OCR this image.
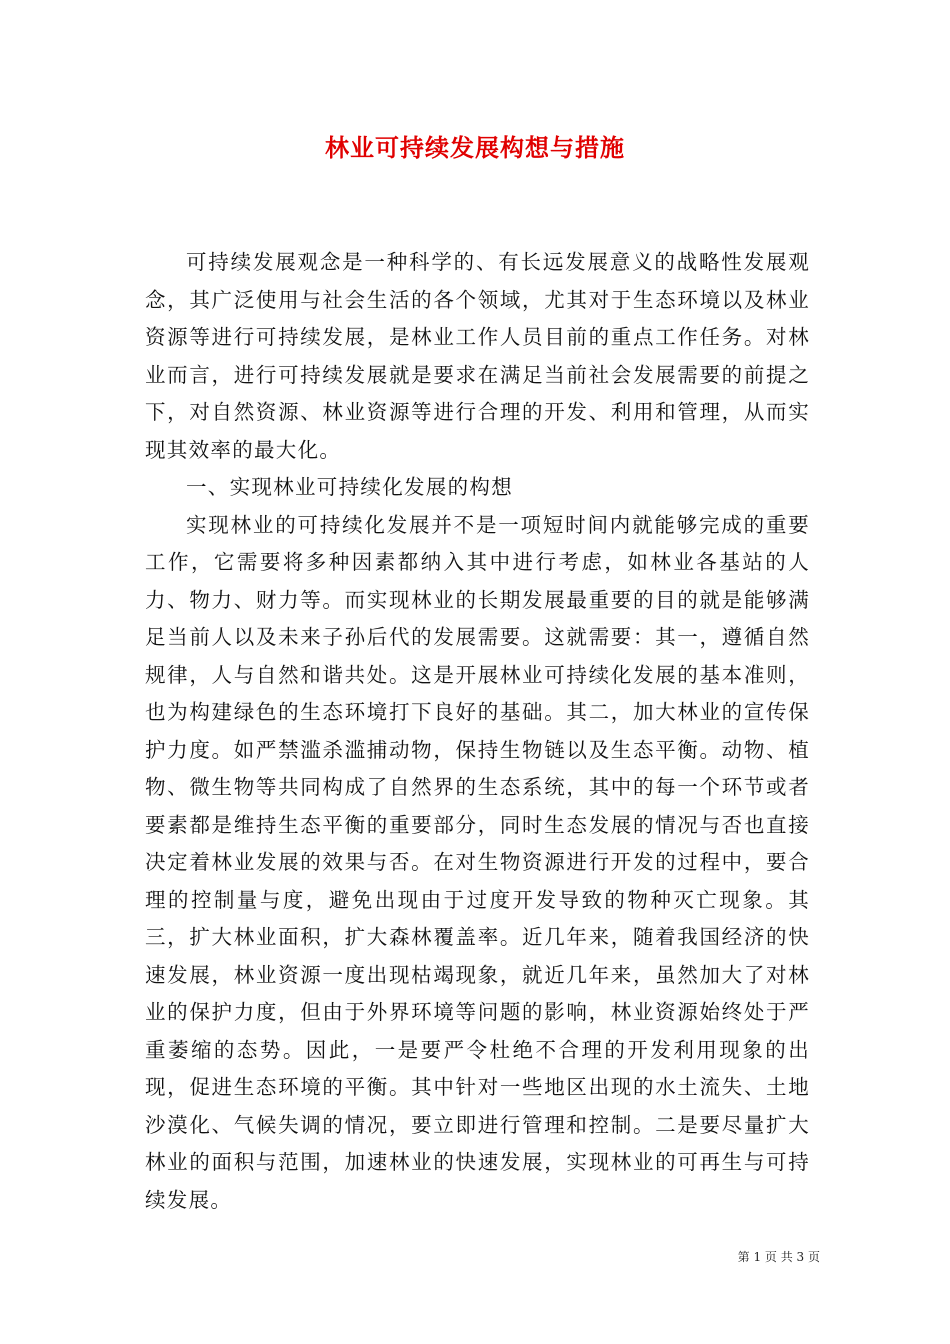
林业可持续发展构想与措施

可持续发展观念是一种科学的、有长远发展意义的战略性发展观念，其广泛使用与社会生活的各个领域，尤其对于生态环境以及林业资源等进行可持续发展，是林业工作人员目前的重点工作任务。对林业而言，进行可持续发展就是要求在满足当前社会发展需要的前提之下，对自然资源、林业资源等进行合理的开发、利用和管理，从而实现其效率的最大化。

一、实现林业可持续化发展的构想

实现林业的可持续化发展并不是一项短时间内就能够完成的重要工作，它需要将多种因素都纳入其中进行考虑，如林业各基站的人力、物力、财力等。而实现林业的长期发展最重要的目的就是能够满足当前人以及未来子孙后代的发展需要。这就需要：其一，遵循自然规律，人与自然和谐共处。这是开展林业可持续化发展的基本准则，也为构建绿色的生态环境打下良好的基础。其二，加大林业的宣传保护力度。如严禁滥杀滥捕动物，保持生物链以及生态平衡。动物、植物、微生物等共同构成了自然界的生态系统，其中的每一个环节或者要素都是维持生态平衡的重要部分，同时生态发展的情况与否也直接决定着林业发展的效果与否。在对生物资源进行开发的过程中，要合理的控制量与度，避免出现由于过度开发导致的物种灭亡现象。其三，扩大林业面积，扩大森林覆盖率。近几年来，随着我国经济的快速发展，林业资源一度出现枯竭现象，就近几年来，虽然加大了对林业的保护力度，但由于外界环境等问题的影响，林业资源始终处于严重萎缩的态势。因此，一是要严令杜绝不合理的开发利用现象的出现，促进生态环境的平衡。其中针对一些地区出现的水土流失、土地沙漠化、气候失调的情况，要立即进行管理和控制。二是要尽量扩大林业的面积与范围，加速林业的快速发展，实现林业的可再生与可持续发展。

第 1 页 共 3 页
